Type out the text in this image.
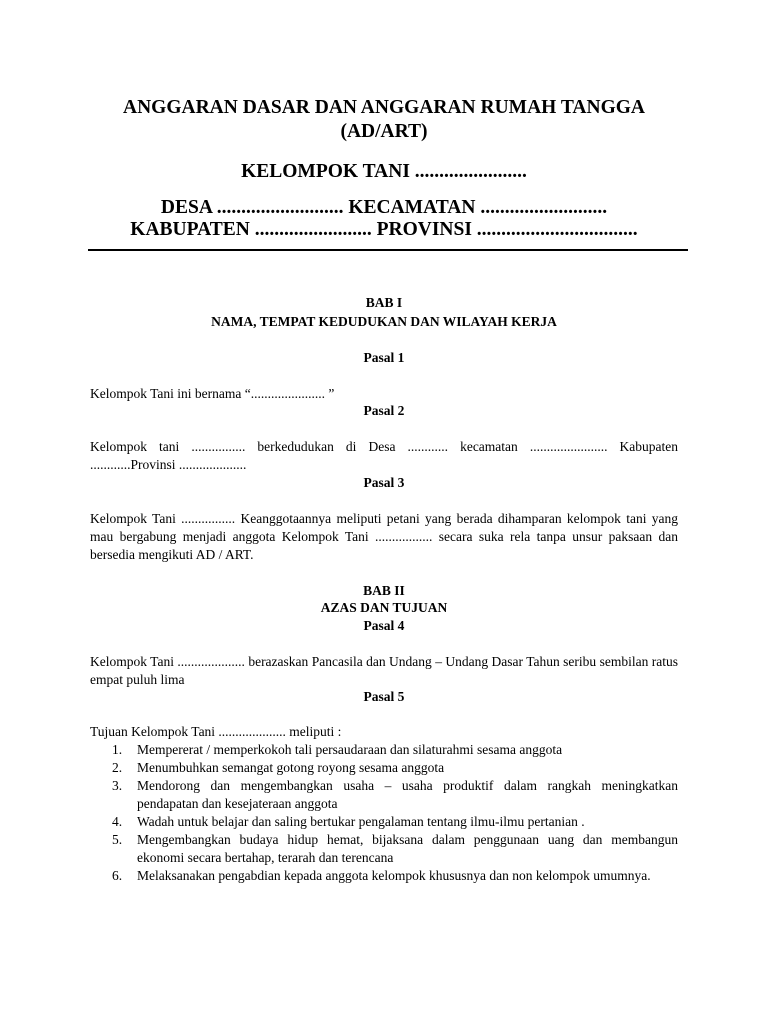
ANGGARAN DASAR DAN ANGGARAN RUMAH TANGGA
(AD/ART)
KELOMPOK TANI .......................
DESA .......................... KECAMATAN ..........................
KABUPATEN ........................ PROVINSI .................................
BAB I
NAMA, TEMPAT KEDUDUKAN DAN WILAYAH KERJA
Pasal 1
Kelompok Tani ini bernama “...................... ”
Pasal 2
Kelompok tani ................ berkedudukan di Desa ............ kecamatan ....................... Kabupaten ............Provinsi ....................
Pasal 3
Kelompok Tani ................ Keanggotaannya meliputi petani yang berada dihamparan kelompok tani yang mau bergabung menjadi anggota Kelompok Tani ................. secara suka rela tanpa unsur paksaan dan bersedia mengikuti AD / ART.
BAB II
AZAS DAN TUJUAN
Pasal 4
Kelompok Tani .................... berazaskan Pancasila dan Undang – Undang Dasar Tahun seribu sembilan ratus empat puluh lima
Pasal 5
Tujuan Kelompok Tani .................... meliputi :
1. Mempererat / memperkokoh tali persaudaraan dan silaturahmi sesama anggota
2. Menumbuhkan semangat gotong royong sesama anggota
3. Mendorong dan mengembangkan usaha – usaha produktif dalam rangkah meningkatkan pendapatan dan kesejateraan anggota
4. Wadah untuk belajar dan saling bertukar pengalaman tentang ilmu-ilmu pertanian .
5. Mengembangkan budaya hidup hemat, bijaksana dalam penggunaan uang dan membangun ekonomi secara bertahap, terarah dan terencana
6. Melaksanakan pengabdian kepada anggota kelompok khususnya dan non kelompok umumnya.
